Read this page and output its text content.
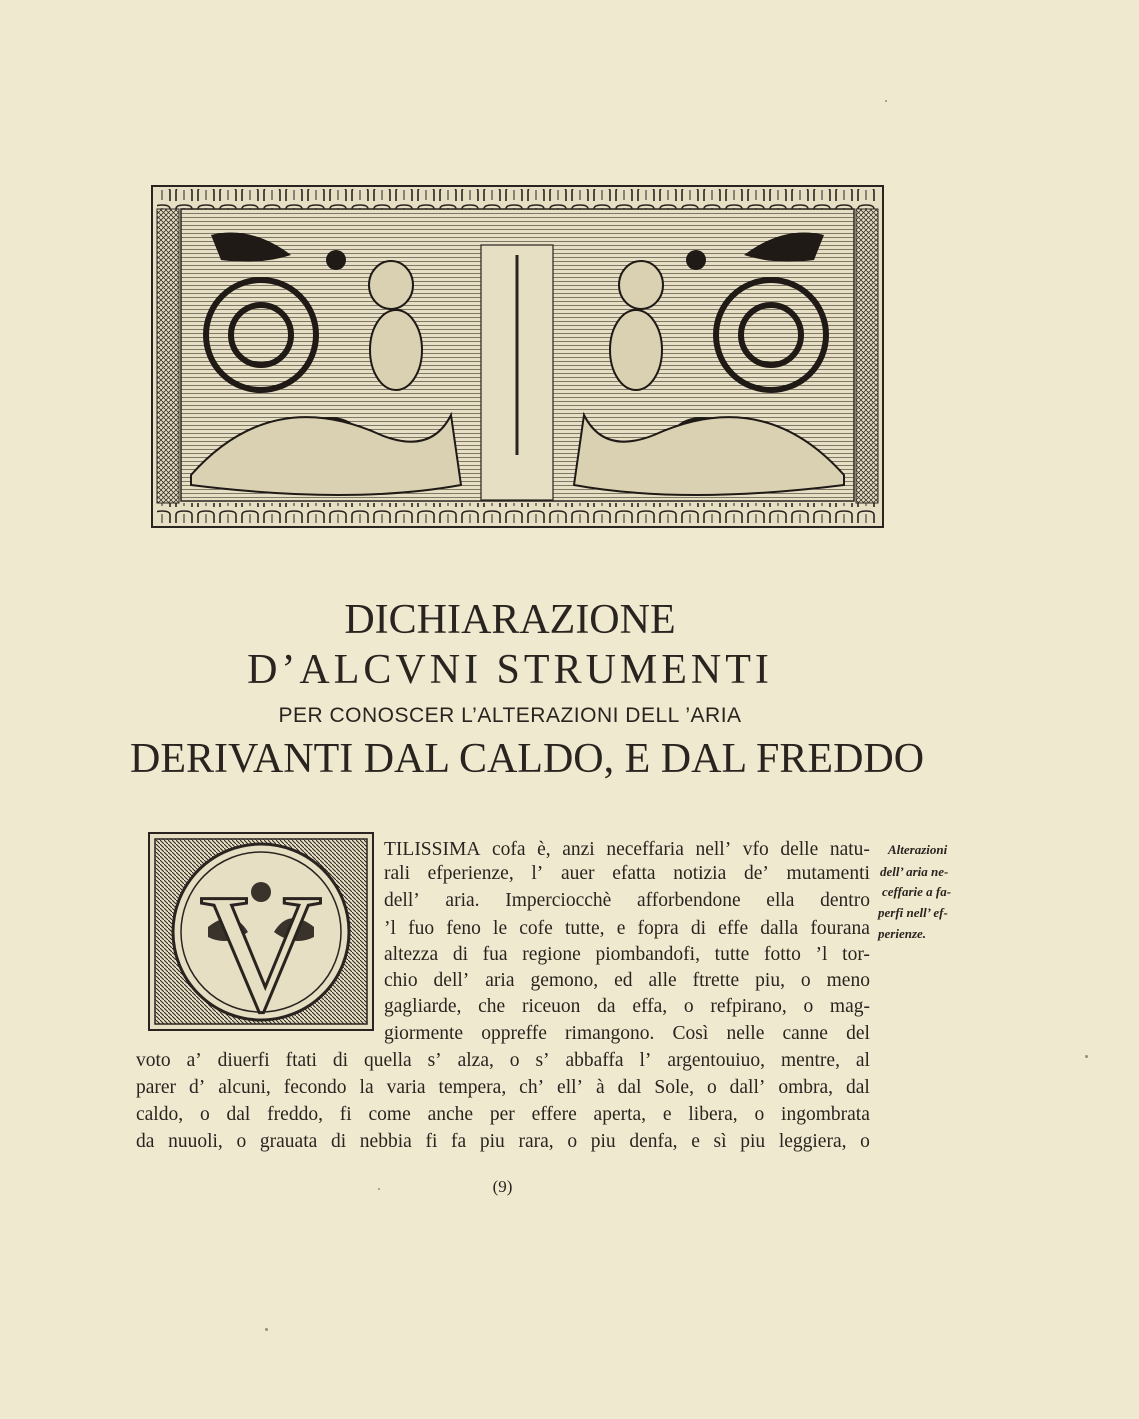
DICHIARAZIONE
D’ALCVNI STRUMENTI
PER CONOSCER L’ALTERAZIONI DELL ’ARIA
DERIVANTI DAL CALDO, E DAL FREDDO
V
TILISSIMA cofa è, anzi neceffaria nell’ vfo delle natu-
rali efperienze, l’ auer efatta notizia de’ mutamenti
dell’ aria. Imperciocchè afforbendone ella dentro
’l fuo feno le cofe tutte, e fopra di effe dalla fourana
altezza di fua regione piombandofi, tutte fotto ’l tor-
chio dell’ aria gemono, ed alle ftrette piu, o meno
gagliarde, che riceuon da effa, o refpirano, o mag-
giormente oppreffe rimangono. Così nelle canne del
voto a’ diuerfi ftati di quella s’ alza, o s’ abbaffa l’ argentouiuo, mentre, al
parer d’ alcuni, fecondo la varia tempera, ch’ ell’ à dal Sole, o dall’ ombra, dal
caldo, o dal freddo, fi come anche per effere aperta, e libera, o ingombrata
da nuuoli, o grauata di nebbia fi fa piu rara, o piu denfa, e sì piu leggiera, o
Alterazioni
dell’ aria ne-
ceffarie a fa-
perfi nell’ ef-
perienze.
(9)
